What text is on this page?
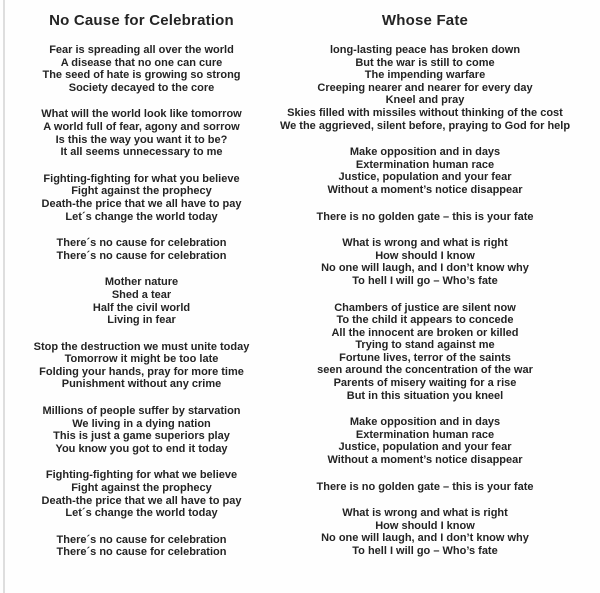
No Cause for Celebration

Fear is spreading all over the world

A disease that no one can cure

The seed of hate is growing so strong

Society decayed to the core

What will the world look like tomorrow

A world full of fear, agony and sorrow

Is this the way you want it to be?

It all seems unnecessary to me

Fighting-fighting for what you believe

Fight against the prophecy

Death-the price that we all have to pay

Let´s change the world today

There´s no cause for celebration

There´s no cause for celebration

Mother nature

Shed a tear

Half the civil world

Living in fear

Stop the destruction we must unite today

Tomorrow it might be too late

Folding your hands, pray for more time

Punishment without any crime

Millions of people suffer by starvation

We living in a dying nation

This is just a game superiors play

You know you got to end it today

Fighting-fighting for what we believe

Fight against the prophecy

Death-the price that we all have to pay

Let´s change the world today

There´s no cause for celebration

There´s no cause for celebration

Whose Fate

long-lasting peace has broken down

But the war is still to come

The impending warfare

Creeping nearer and nearer for every day

Kneel and pray

Skies filled with missiles without thinking of the cost

We the aggrieved, silent before, praying to God for help

Make opposition and in days

Extermination human race

Justice, population and your fear

Without a moment’s notice disappear

There is no golden gate – this is your fate

What is wrong and what is right

How should I know

No one will laugh, and I don’t know why

To hell I will go – Who’s fate

Chambers of justice are silent now

To the child it appears to concede

All the innocent are broken or killed

Trying to stand against me

Fortune lives, terror of the saints

seen around the concentration of the war

Parents of misery waiting for a rise

But in this situation you kneel

Make opposition and in days

Extermination human race

Justice, population and your fear

Without a moment’s notice disappear

There is no golden gate – this is your fate

What is wrong and what is right

How should I know

No one will laugh, and I don’t know why

To hell I will go – Who’s fate
